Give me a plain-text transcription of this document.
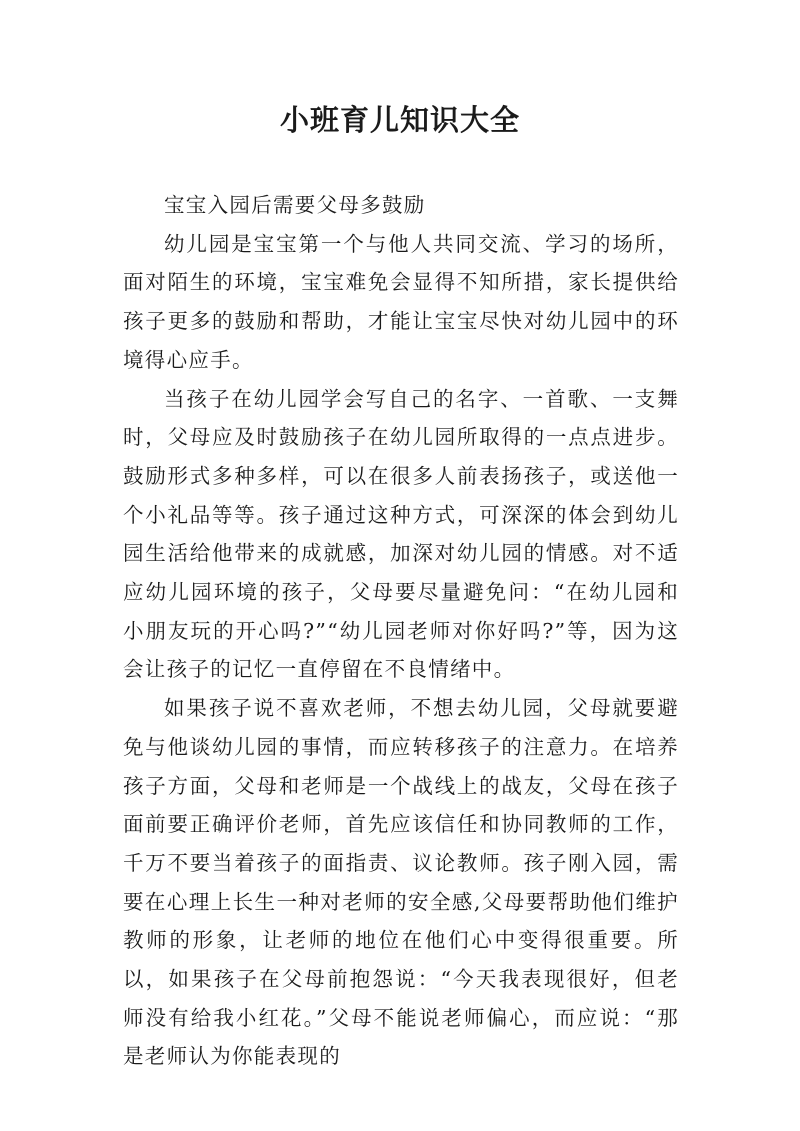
小班育儿知识大全

宝宝入园后需要父母多鼓励

幼儿园是宝宝第一个与他人共同交流、学习的场所，面对陌生的环境，宝宝难免会显得不知所措，家长提供给孩子更多的鼓励和帮助，才能让宝宝尽快对幼儿园中的环境得心应手。

当孩子在幼儿园学会写自己的名字、一首歌、一支舞时，父母应及时鼓励孩子在幼儿园所取得的一点点进步。鼓励形式多种多样，可以在很多人前表扬孩子，或送他一个小礼品等等。孩子通过这种方式，可深深的体会到幼儿园生活给他带来的成就感，加深对幼儿园的情感。对不适应幼儿园环境的孩子，父母要尽量避免问：“在幼儿园和小朋友玩的开心吗?”“幼儿园老师对你好吗?”等，因为这会让孩子的记忆一直停留在不良情绪中。

如果孩子说不喜欢老师，不想去幼儿园，父母就要避免与他谈幼儿园的事情，而应转移孩子的注意力。在培养孩子方面，父母和老师是一个战线上的战友，父母在孩子面前要正确评价老师，首先应该信任和协同教师的工作，千万不要当着孩子的面指责、议论教师。孩子刚入园，需要在心理上长生一种对老师的安全感,父母要帮助他们维护教师的形象，让老师的地位在他们心中变得很重要。所以，如果孩子在父母前抱怨说：“今天我表现很好，但老师没有给我小红花。”父母不能说老师偏心，而应说：“那是老师认为你能表现的
